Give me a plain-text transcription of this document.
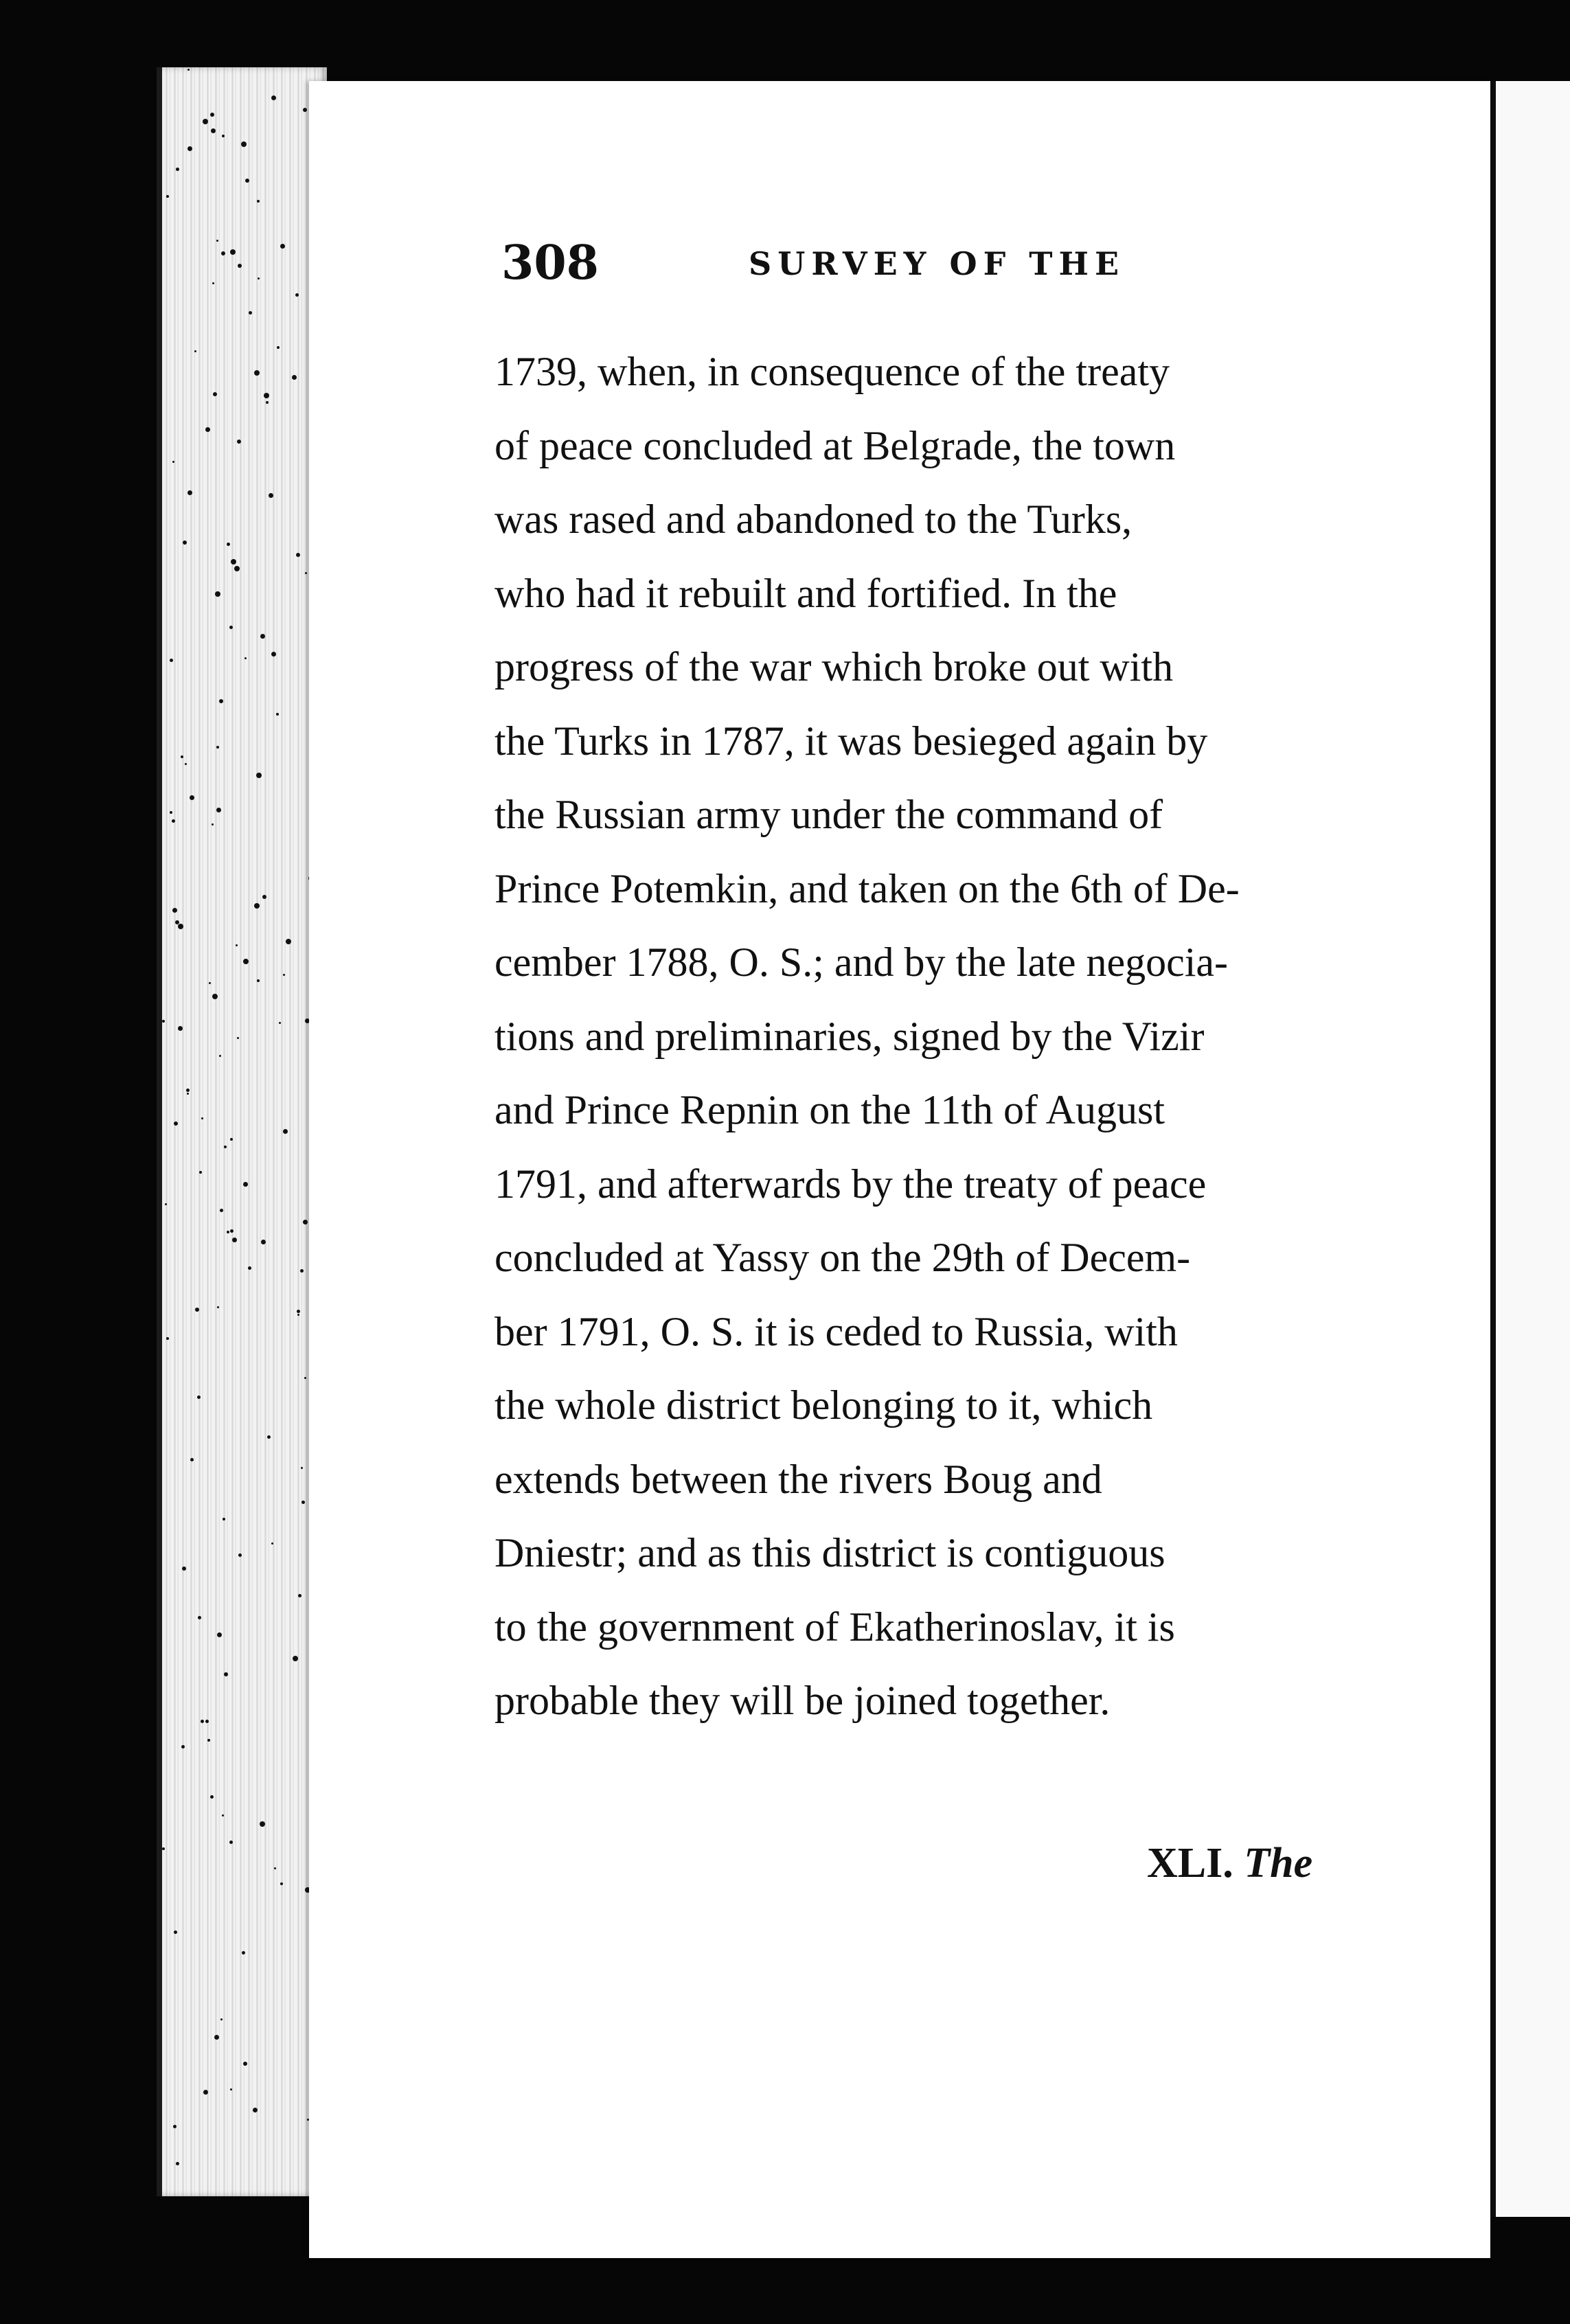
308	SURVEY OF THE
1739, when, in consequence of the treaty
of peace concluded at Belgrade, the town
was rased and abandoned to the Turks,
who had it rebuilt and fortified. In the
progress of the war which broke out with
the Turks in 1787, it was besieged again by
the Russian army under the command of
Prince Potemkin, and taken on the 6th of De-
cember 1788, O. S.; and by the late negocia-
tions and preliminaries, signed by the Vizir
and Prince Repnin on the 11th of August
1791, and afterwards by the treaty of peace
concluded at Yassy on the 29th of Decem-
ber 1791, O. S. it is ceded to Russia, with
the whole district belonging to it, which
extends between the rivers Boug and
Dniestr; and as this district is contiguous
to the government of Ekatherinoslav, it is
probable they will be joined together.
XLI. The
